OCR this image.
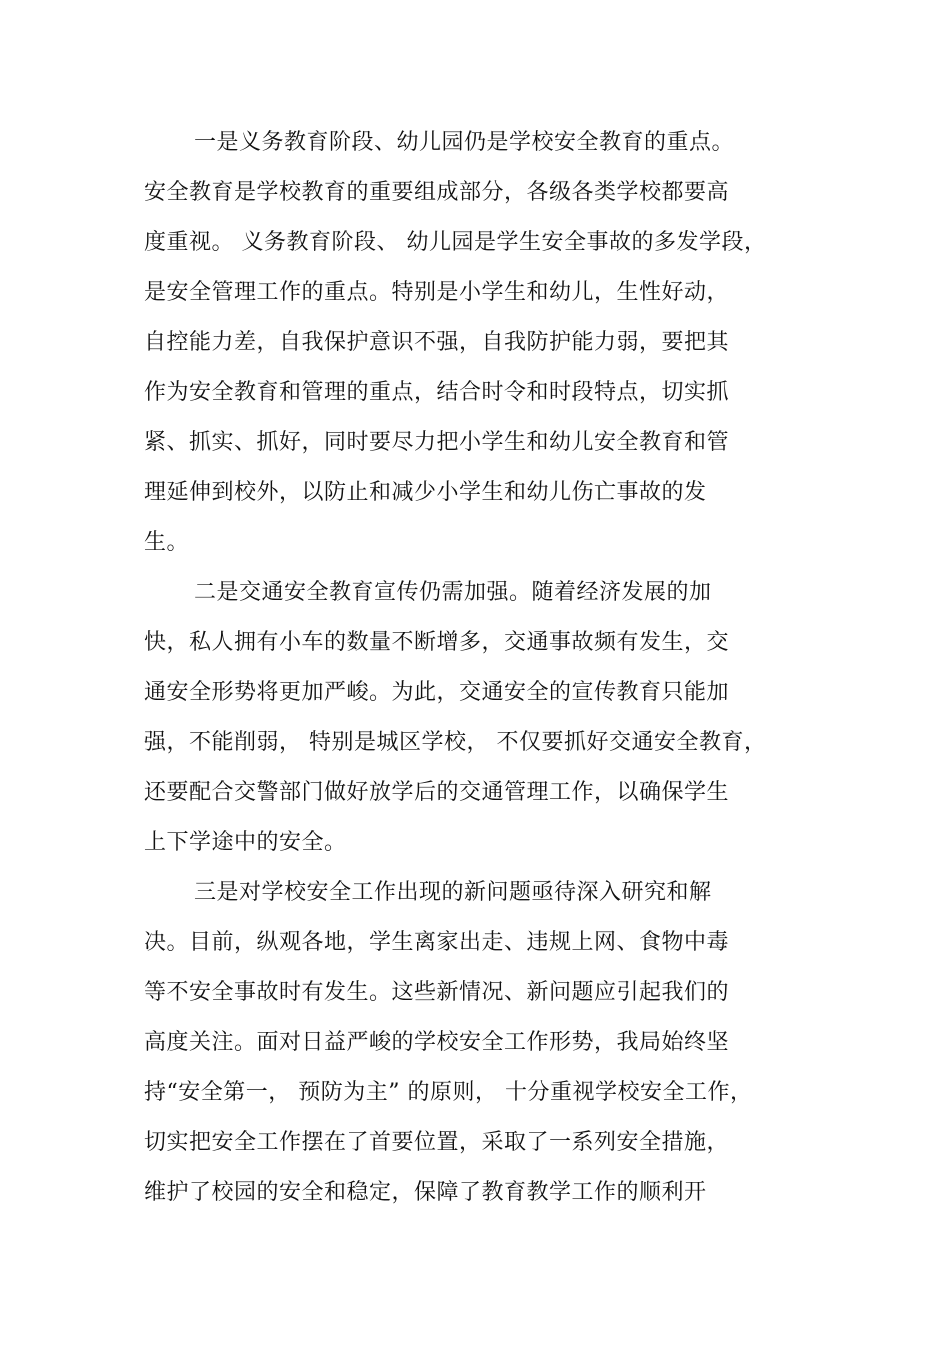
一是义务教育阶段、幼儿园仍是学校安全教育的重点。
安全教育是学校教育的重要组成部分，各级各类学校都要高
度重视。 义务教育阶段、 幼儿园是学生安全事故的多发学段，
是安全管理工作的重点。特别是小学生和幼儿，生性好动，
自控能力差，自我保护意识不强，自我防护能力弱，要把其
作为安全教育和管理的重点，结合时令和时段特点，切实抓
紧、抓实、抓好，同时要尽力把小学生和幼儿安全教育和管
理延伸到校外，以防止和减少小学生和幼儿伤亡事故的发
生。
二是交通安全教育宣传仍需加强。随着经济发展的加
快，私人拥有小车的数量不断增多，交通事故频有发生，交
通安全形势将更加严峻。为此，交通安全的宣传教育只能加
强，不能削弱， 特别是城区学校， 不仅要抓好交通安全教育，
还要配合交警部门做好放学后的交通管理工作，以确保学生
上下学途中的安全。
三是对学校安全工作出现的新问题亟待深入研究和解
决。目前，纵观各地，学生离家出走、违规上网、食物中毒
等不安全事故时有发生。这些新情况、新问题应引起我们的
高度关注。面对日益严峻的学校安全工作形势，我局始终坚
持“安全第一， 预防为主” 的原则， 十分重视学校安全工作，
切实把安全工作摆在了首要位置，采取了一系列安全措施，
维护了校园的安全和稳定，保障了教育教学工作的顺利开
